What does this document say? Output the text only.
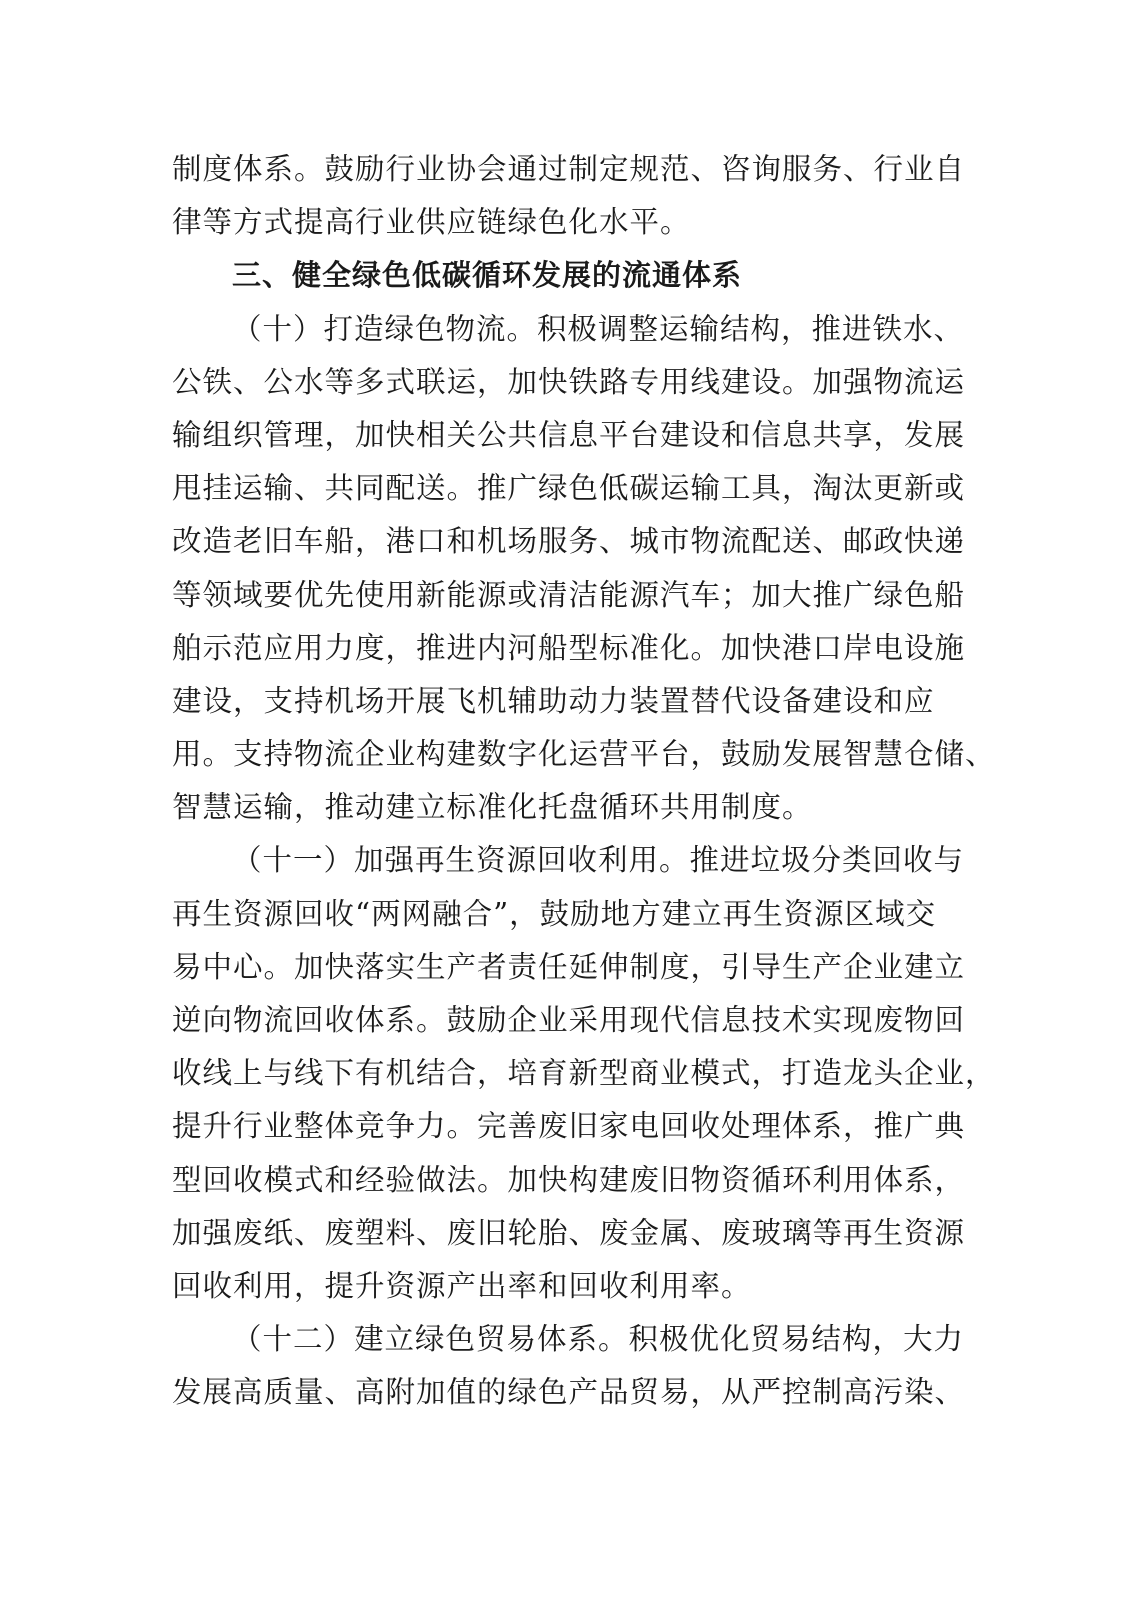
制度体系。鼓励行业协会通过制定规范、咨询服务、行业自
律等方式提高行业供应链绿色化水平。
三、健全绿色低碳循环发展的流通体系
（十）打造绿色物流。积极调整运输结构，推进铁水、
公铁、公水等多式联运，加快铁路专用线建设。加强物流运
输组织管理，加快相关公共信息平台建设和信息共享，发展
甩挂运输、共同配送。推广绿色低碳运输工具，淘汰更新或
改造老旧车船，港口和机场服务、城市物流配送、邮政快递
等领域要优先使用新能源或清洁能源汽车；加大推广绿色船
舶示范应用力度，推进内河船型标准化。加快港口岸电设施
建设，支持机场开展飞机辅助动力装置替代设备建设和应
用。支持物流企业构建数字化运营平台，鼓励发展智慧仓储、
智慧运输，推动建立标准化托盘循环共用制度。
（十一）加强再生资源回收利用。推进垃圾分类回收与
再生资源回收“两网融合”，鼓励地方建立再生资源区域交
易中心。加快落实生产者责任延伸制度，引导生产企业建立
逆向物流回收体系。鼓励企业采用现代信息技术实现废物回
收线上与线下有机结合，培育新型商业模式，打造龙头企业，
提升行业整体竞争力。完善废旧家电回收处理体系，推广典
型回收模式和经验做法。加快构建废旧物资循环利用体系，
加强废纸、废塑料、废旧轮胎、废金属、废玻璃等再生资源
回收利用，提升资源产出率和回收利用率。
（十二）建立绿色贸易体系。积极优化贸易结构，大力
发展高质量、高附加值的绿色产品贸易，从严控制高污染、
